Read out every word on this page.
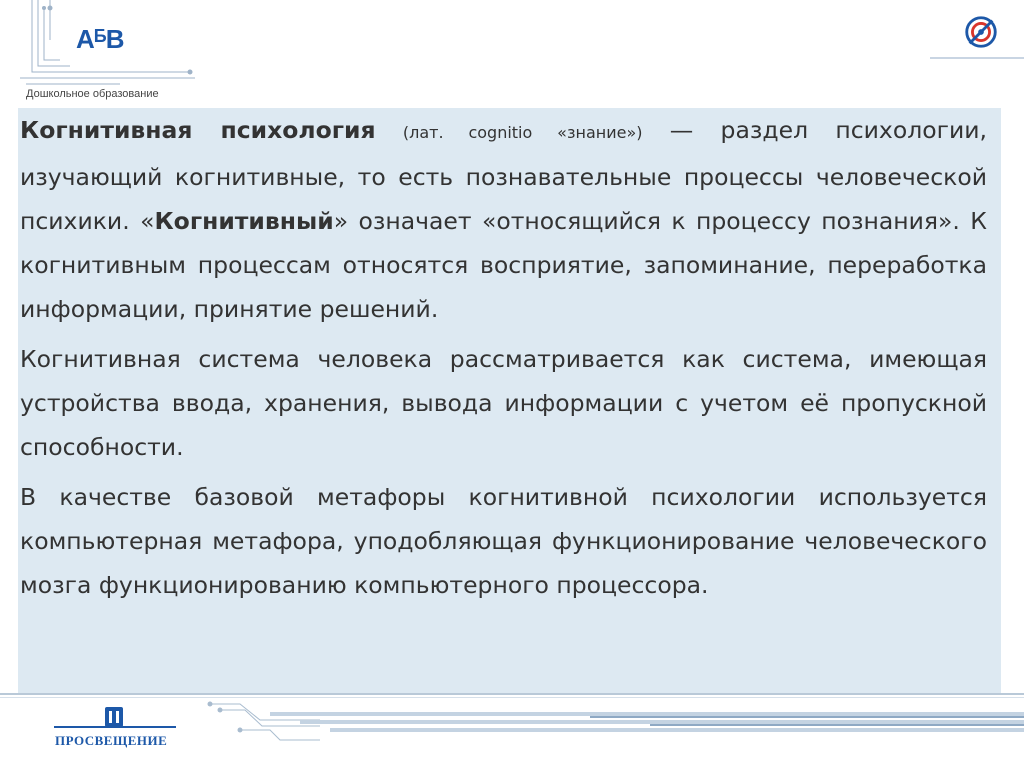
$А^БВ$
Дошкольное образование

Когнитивная психология (лат. cognitio «знание») — раздел психологии, изучающий когнитивные, то есть познавательные процессы человеческой психики. «Когнитивный» означает «относящийся к процессу познания». К когнитивным процессам относятся восприятие, запоминание, переработка информации, принятие решений.

Когнитивная система человека рассматривается как система, имеющая устройства ввода, хранения, вывода информации с учетом её пропускной способности.

В качестве базовой метафоры когнитивной психологии используется компьютерная метафора, уподобляющая функционирование человеческого мозга функционированию компьютерного процессора.

ПРОСВЕЩЕНИЕ
